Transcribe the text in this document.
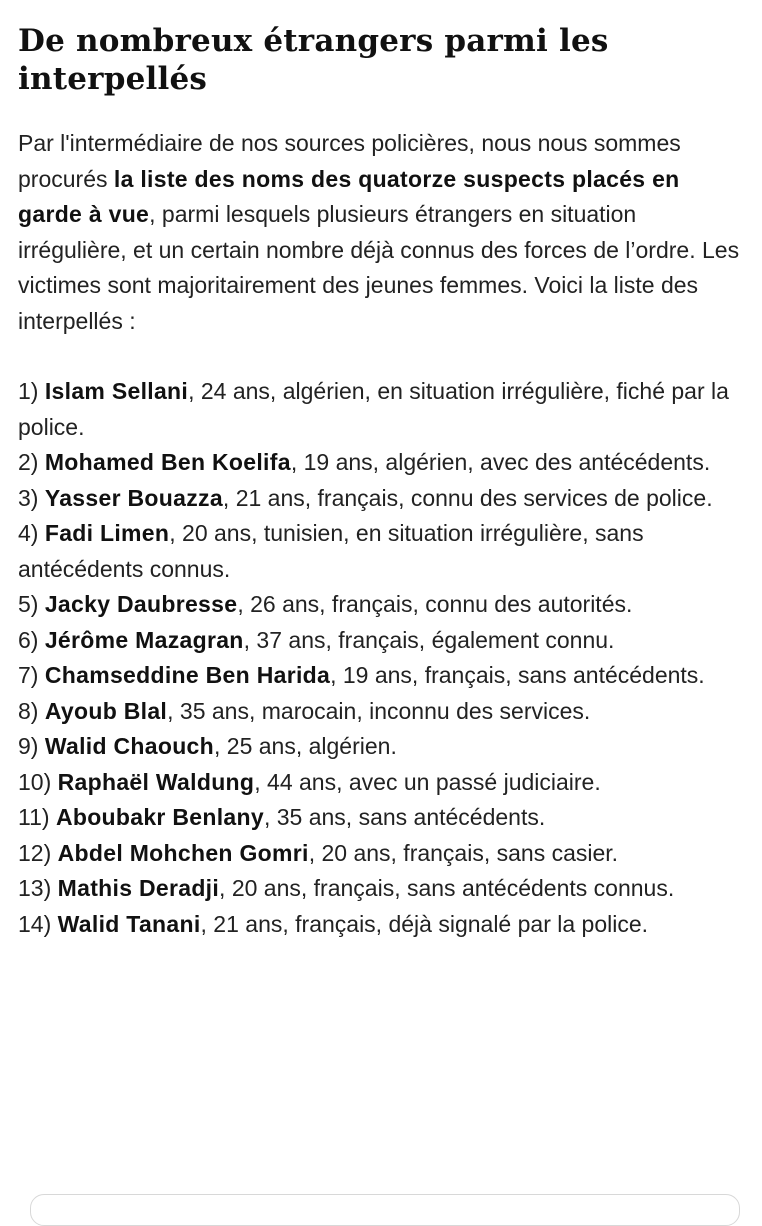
De nombreux étrangers parmi les interpellés

Par l'intermédiaire de nos sources policières, nous nous sommes procurés la liste des noms des quatorze suspects placés en garde à vue, parmi lesquels plusieurs étrangers en situation irrégulière, et un certain nombre déjà connus des forces de l’ordre. Les victimes sont majoritairement des jeunes femmes. Voici la liste des interpellés :

1) Islam Sellani, 24 ans, algérien, en situation irrégulière, fiché par la police.
2) Mohamed Ben Koelifa, 19 ans, algérien, avec des antécédents.
3) Yasser Bouazza, 21 ans, français, connu des services de police.
4) Fadi Limen, 20 ans, tunisien, en situation irrégulière, sans antécédents connus.
5) Jacky Daubresse, 26 ans, français, connu des autorités.
6) Jérôme Mazagran, 37 ans, français, également connu.
7) Chamseddine Ben Harida, 19 ans, français, sans antécédents.
8) Ayoub Blal, 35 ans, marocain, inconnu des services.
9) Walid Chaouch, 25 ans, algérien.
10) Raphaël Waldung, 44 ans, avec un passé judiciaire.
11) Aboubakr Benlany, 35 ans, sans antécédents.
12) Abdel Mohchen Gomri, 20 ans, français, sans casier.
13) Mathis Deradji, 20 ans, français, sans antécédents connus.
14) Walid Tanani, 21 ans, français, déjà signalé par la police.
